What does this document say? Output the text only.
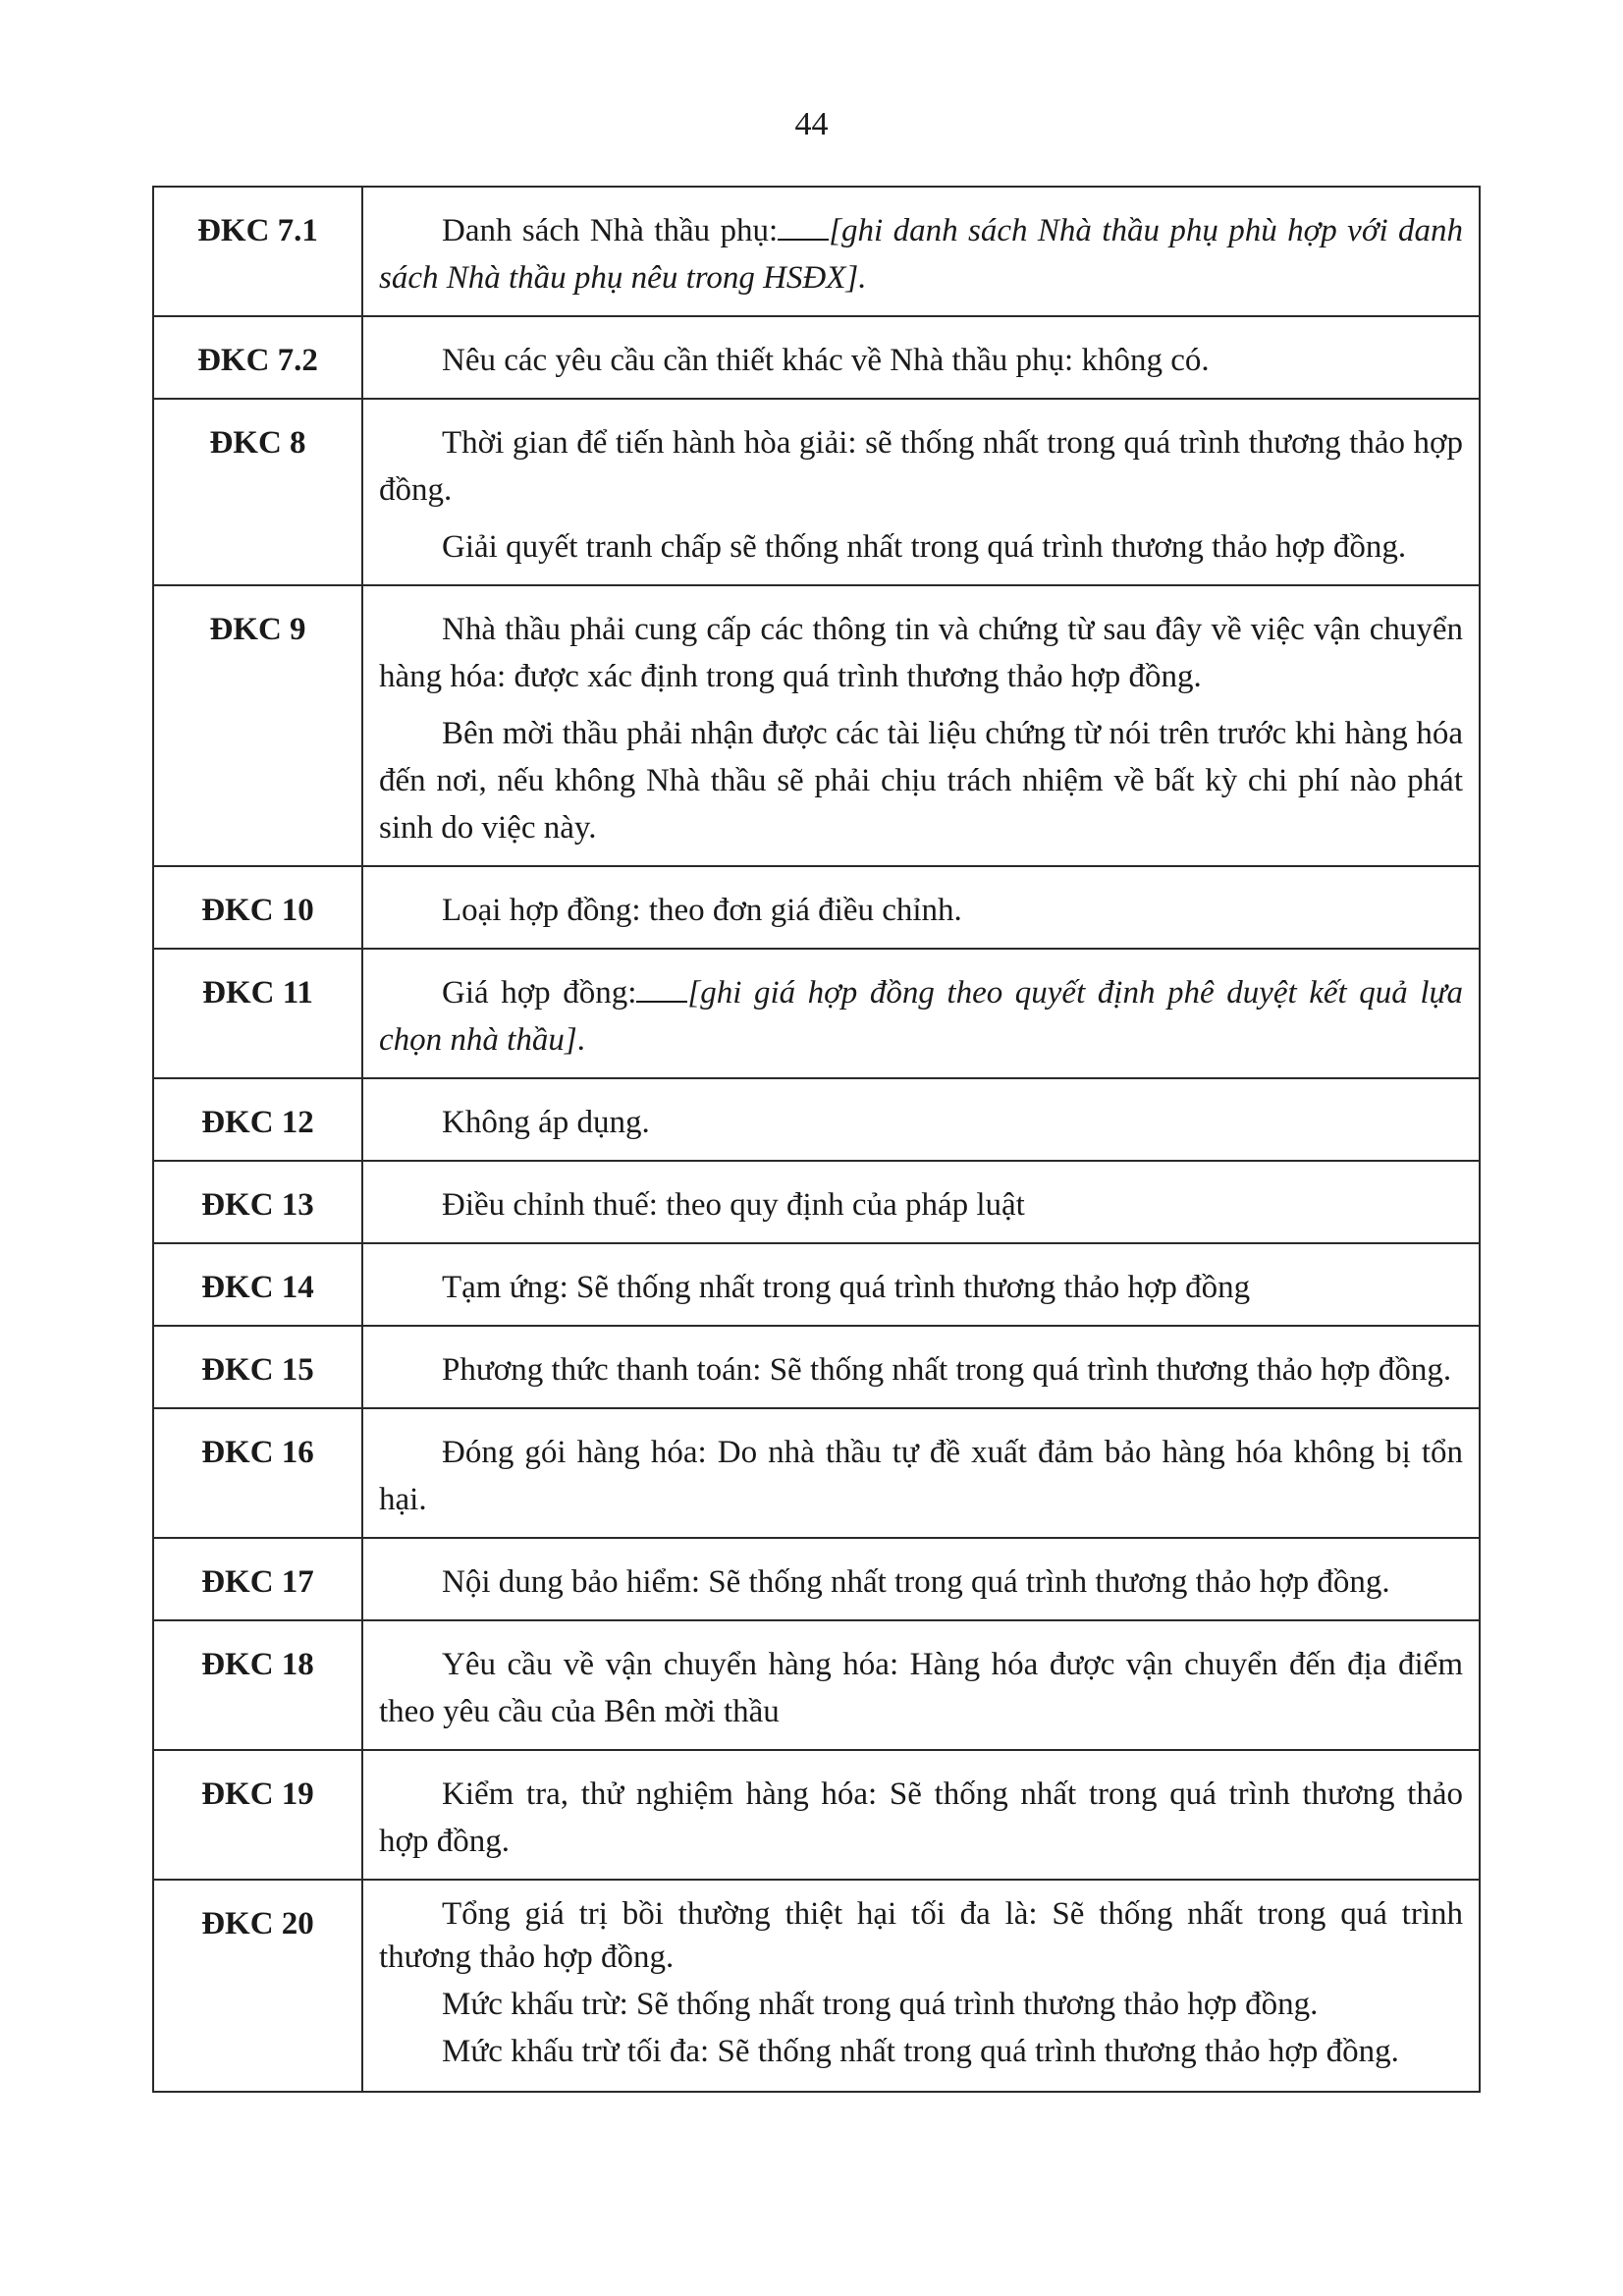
44
ĐKC 7.1	Danh sách Nhà thầu phụ: [ghi danh sách Nhà thầu phụ phù hợp với danh sách Nhà thầu phụ nêu trong HSĐX].

ĐKC 7.2	Nêu các yêu cầu cần thiết khác về Nhà thầu phụ: không có.

ĐKC 8	Thời gian để tiến hành hòa giải: sẽ thống nhất trong quá trình thương thảo hợp đồng.

Giải quyết tranh chấp sẽ thống nhất trong quá trình thương thảo hợp đồng.

ĐKC 9	Nhà thầu phải cung cấp các thông tin và chứng từ sau đây về việc vận chuyển hàng hóa: được xác định trong quá trình thương thảo hợp đồng.

Bên mời thầu phải nhận được các tài liệu chứng từ nói trên trước khi hàng hóa đến nơi, nếu không Nhà thầu sẽ phải chịu trách nhiệm về bất kỳ chi phí nào phát sinh do việc này.

ĐKC 10	Loại hợp đồng: theo đơn giá điều chỉnh.

ĐKC 11	Giá hợp đồng: [ghi giá hợp đồng theo quyết định phê duyệt kết quả lựa chọn nhà thầu].

ĐKC 12	Không áp dụng.

ĐKC 13	Điều chỉnh thuế: theo quy định của pháp luật

ĐKC 14	Tạm ứng: Sẽ thống nhất trong quá trình thương thảo hợp đồng

ĐKC 15	Phương thức thanh toán: Sẽ thống nhất trong quá trình thương thảo hợp đồng.

ĐKC 16	Đóng gói hàng hóa: Do nhà thầu tự đề xuất đảm bảo hàng hóa không bị tổn hại.

ĐKC 17	Nội dung bảo hiểm: Sẽ thống nhất trong quá trình thương thảo hợp đồng.

ĐKC 18	Yêu cầu về vận chuyển hàng hóa: Hàng hóa được vận chuyển đến địa điểm theo yêu cầu của Bên mời thầu

ĐKC 19	Kiểm tra, thử nghiệm hàng hóa: Sẽ thống nhất trong quá trình thương thảo hợp đồng.

ĐKC 20	Tổng giá trị bồi thường thiệt hại tối đa là: Sẽ thống nhất trong quá trình thương thảo hợp đồng.

Mức khấu trừ: Sẽ thống nhất trong quá trình thương thảo hợp đồng.

Mức khấu trừ tối đa: Sẽ thống nhất trong quá trình thương thảo hợp đồng.
